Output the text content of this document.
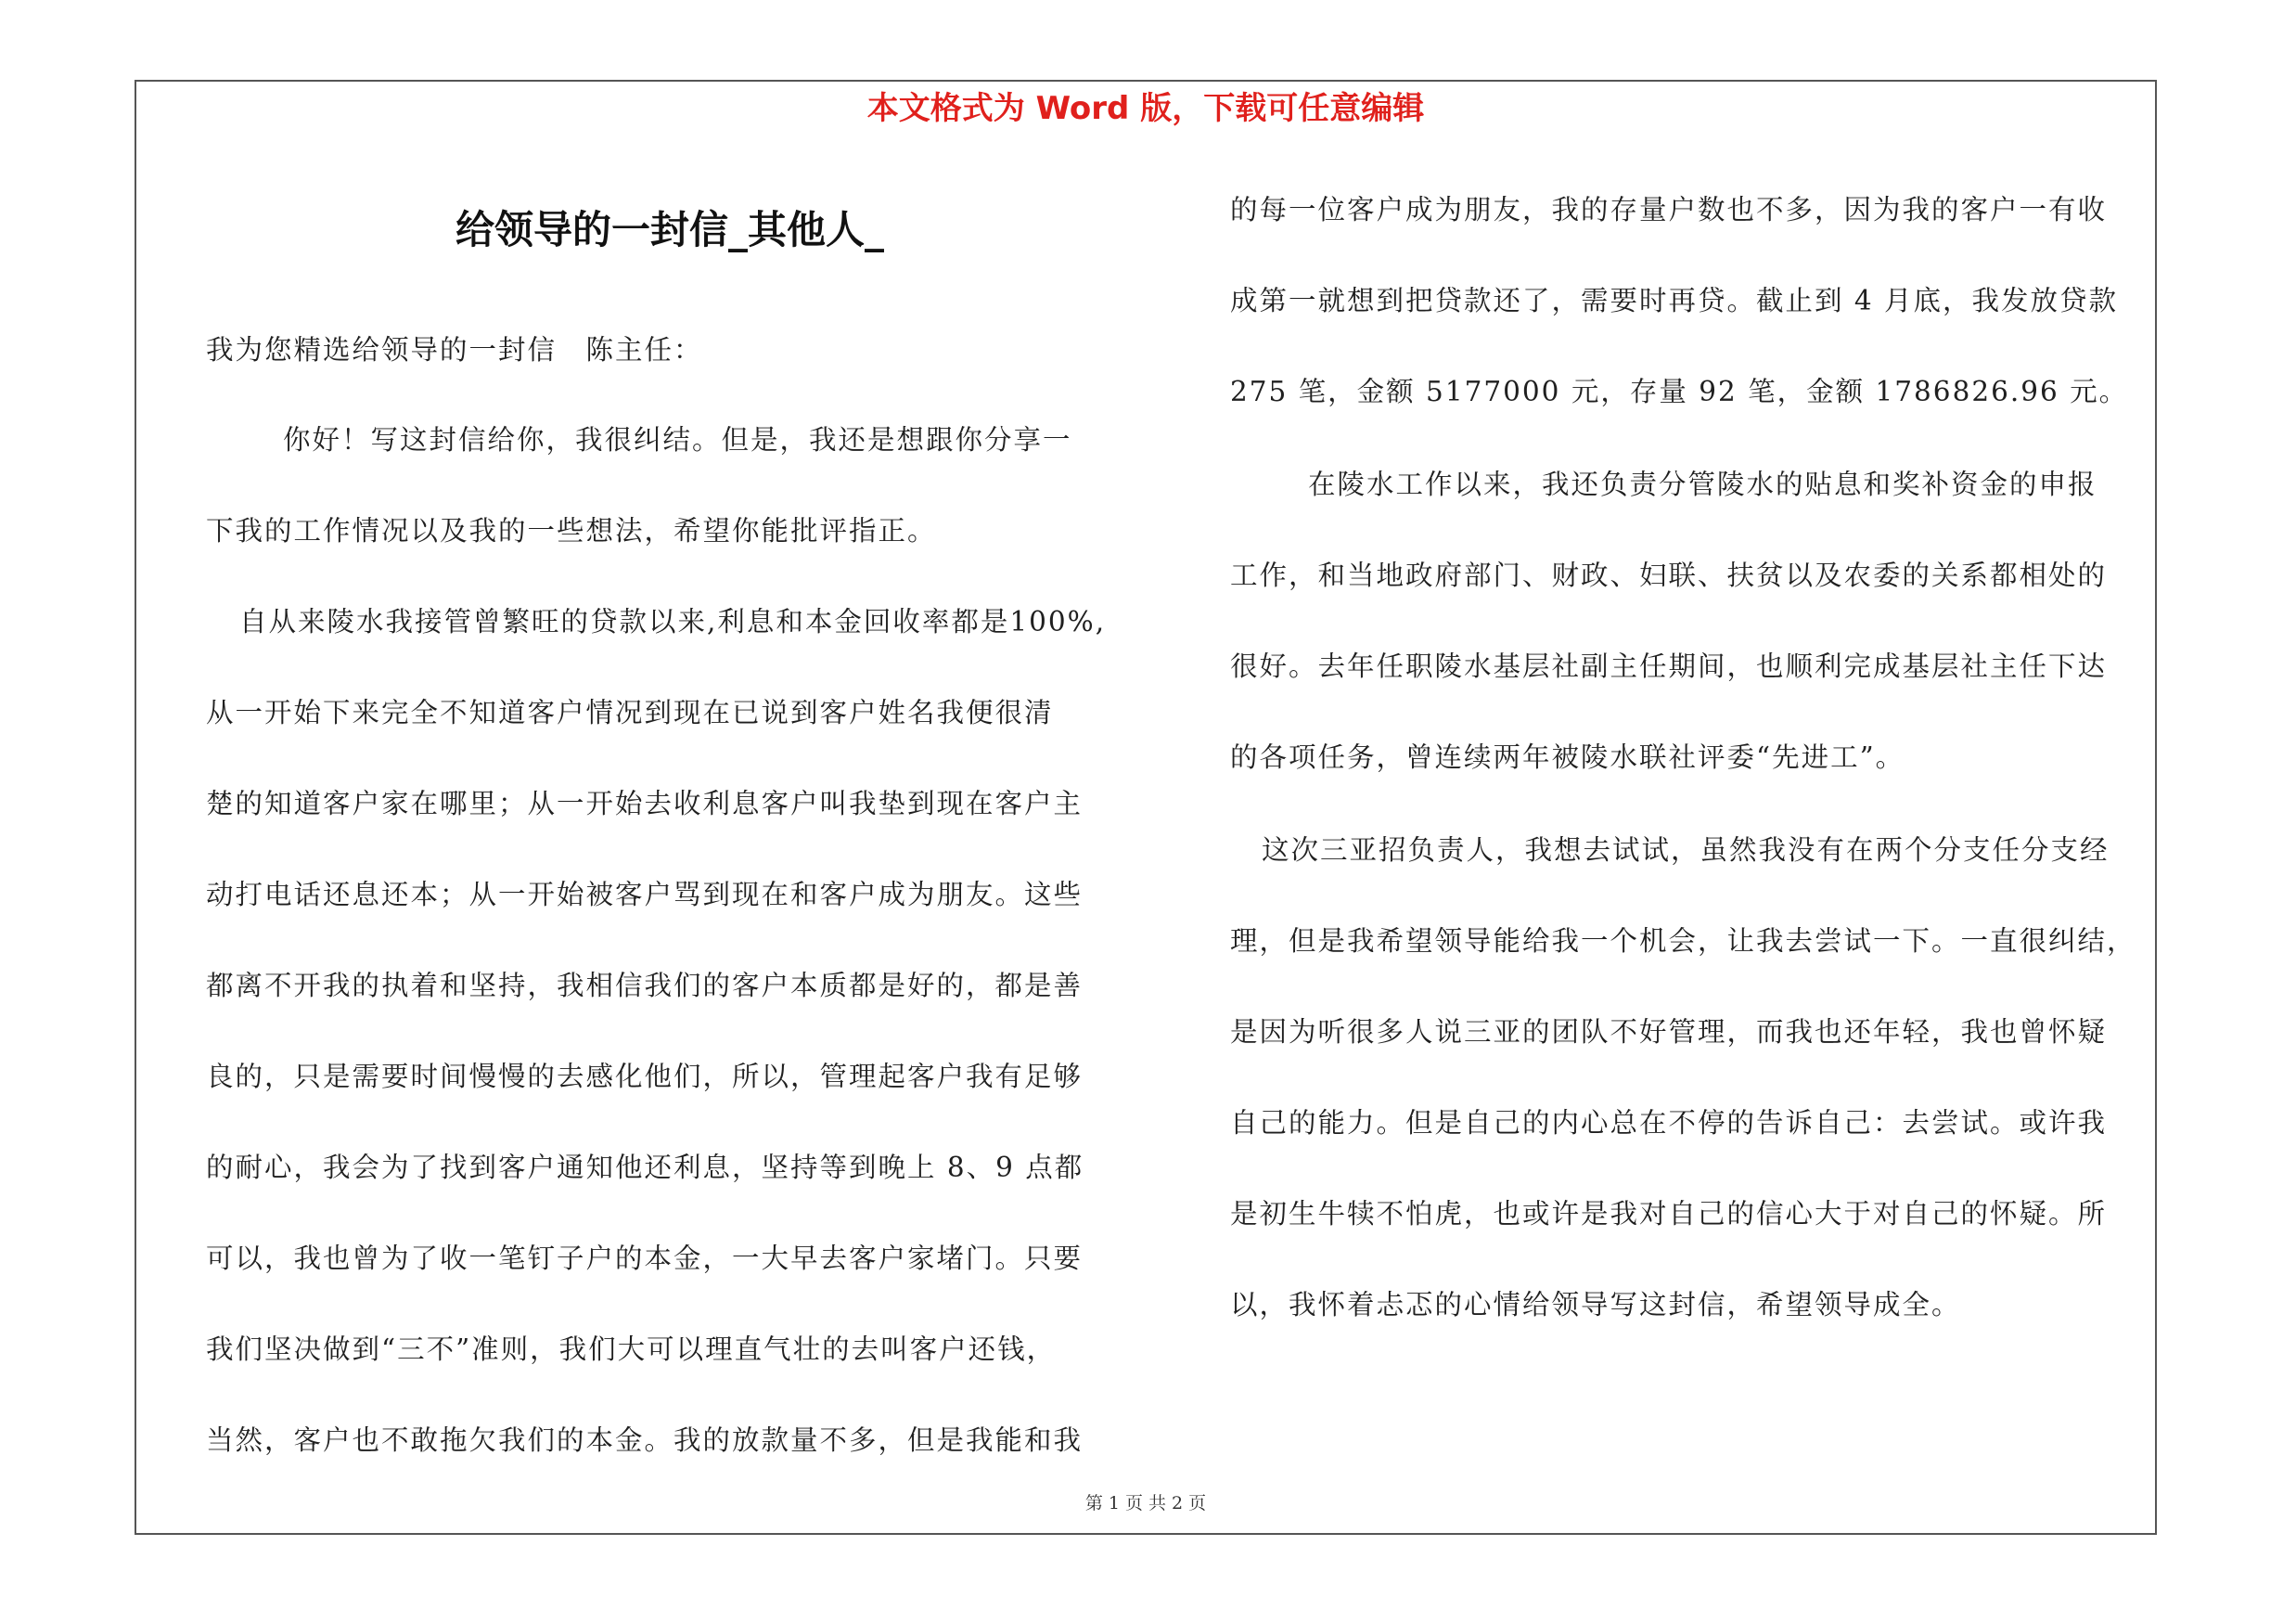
本文格式为 Word 版，下载可任意编辑
给领导的一封信_其他人_
我为您精选给领导的一封信　陈主任：
你好！写这封信给你，我很纠结。但是，我还是想跟你分享一
下我的工作情况以及我的一些想法，希望你能批评指正。
自从来陵水我接管曾繁旺的贷款以来,利息和本金回收率都是100%,
从一开始下来完全不知道客户情况到现在已说到客户姓名我便很清
楚的知道客户家在哪里；从一开始去收利息客户叫我垫到现在客户主
动打电话还息还本；从一开始被客户骂到现在和客户成为朋友。这些
都离不开我的执着和坚持，我相信我们的客户本质都是好的，都是善
良的，只是需要时间慢慢的去感化他们，所以，管理起客户我有足够
的耐心，我会为了找到客户通知他还利息，坚持等到晚上 8、9 点都
可以，我也曾为了收一笔钉子户的本金，一大早去客户家堵门。只要
我们坚决做到“三不”准则，我们大可以理直气壮的去叫客户还钱，
当然，客户也不敢拖欠我们的本金。我的放款量不多，但是我能和我
的每一位客户成为朋友，我的存量户数也不多，因为我的客户一有收
成第一就想到把贷款还了，需要时再贷。截止到 4 月底，我发放贷款
275 笔，金额 5177000 元，存量 92 笔，金额 1786826.96 元。
在陵水工作以来，我还负责分管陵水的贴息和奖补资金的申报
工作，和当地政府部门、财政、妇联、扶贫以及农委的关系都相处的
很好。去年任职陵水基层社副主任期间，也顺利完成基层社主任下达
的各项任务，曾连续两年被陵水联社评委“先进工”。
这次三亚招负责人，我想去试试，虽然我没有在两个分支任分支经
理，但是我希望领导能给我一个机会，让我去尝试一下。一直很纠结，
是因为听很多人说三亚的团队不好管理，而我也还年轻，我也曾怀疑
自己的能力。但是自己的内心总在不停的告诉自己：去尝试。或许我
是初生牛犊不怕虎，也或许是我对自己的信心大于对自己的怀疑。所
以，我怀着忐忑的心情给领导写这封信，希望领导成全。
第 1 页 共 2 页
